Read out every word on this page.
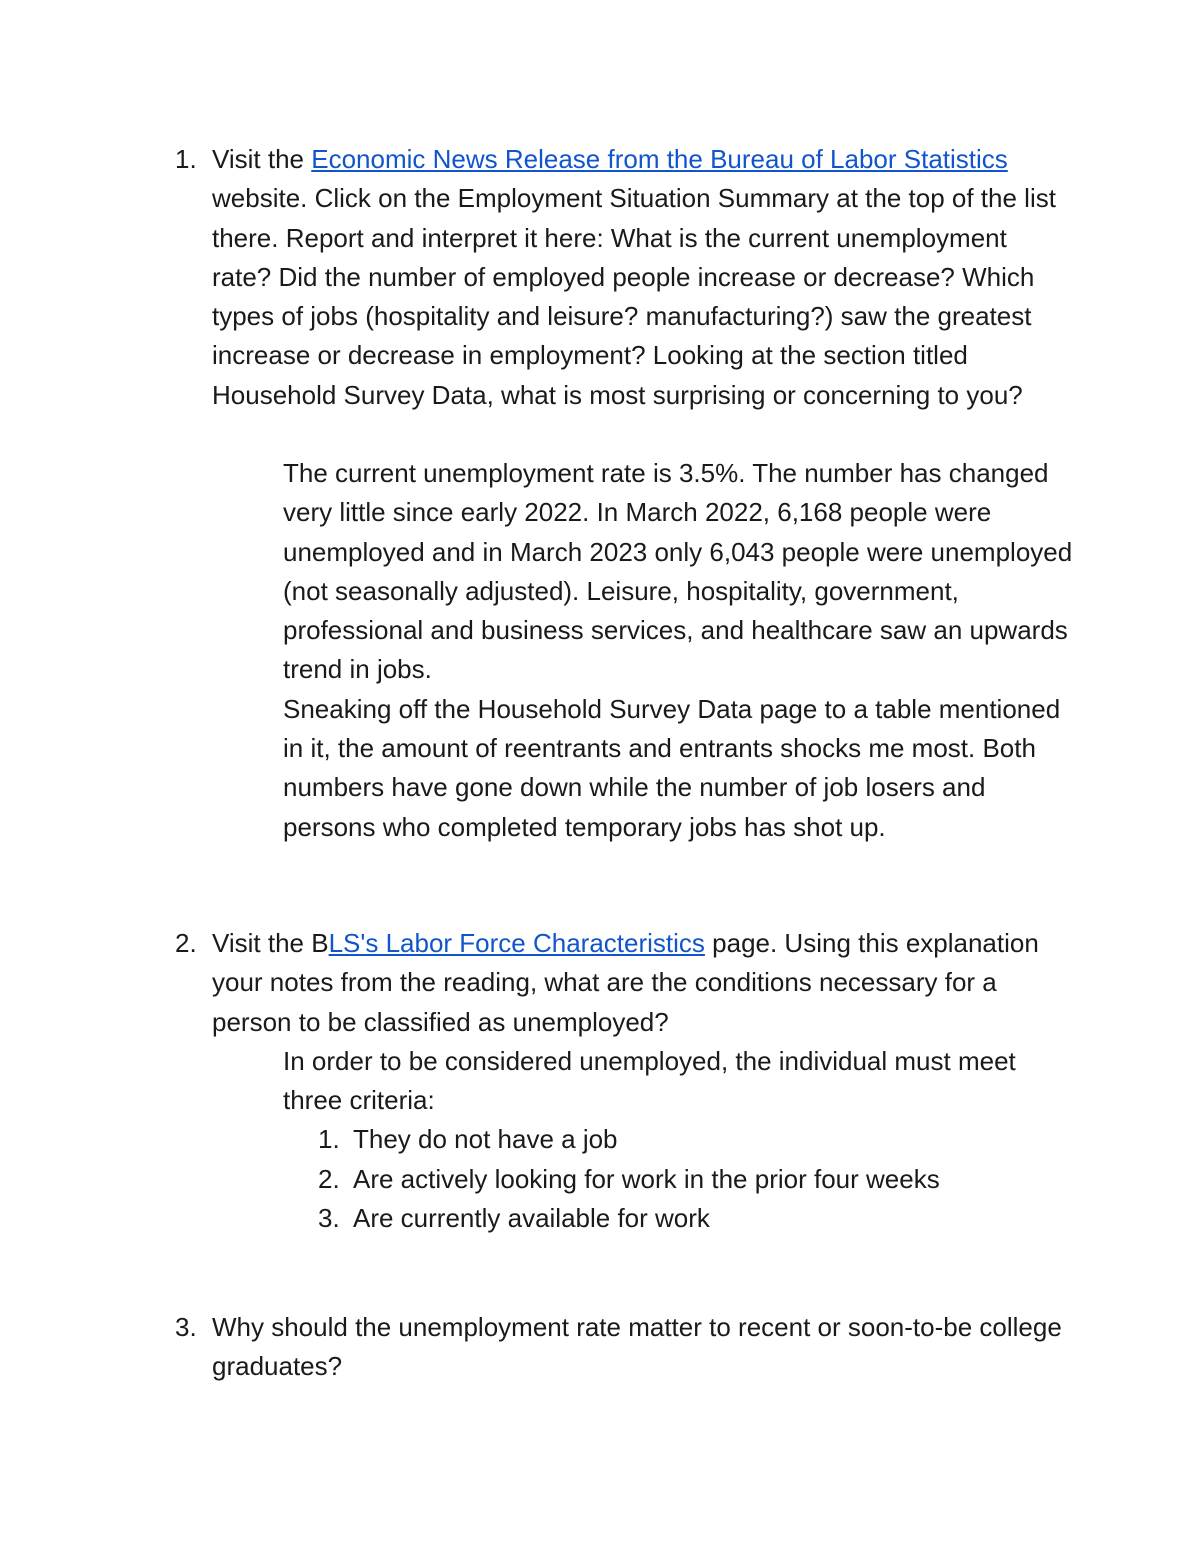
1. Visit the Economic News Release from the Bureau of Labor Statistics website. Click on the Employment Situation Summary at the top of the list there. Report and interpret it here: What is the current unemployment rate? Did the number of employed people increase or decrease? Which types of jobs (hospitality and leisure? manufacturing?) saw the greatest increase or decrease in employment? Looking at the section titled Household Survey Data, what is most surprising or concerning to you?
The current unemployment rate is 3.5%. The number has changed very little since early 2022. In March 2022, 6,168 people were unemployed and in March 2023 only 6,043 people were unemployed (not seasonally adjusted). Leisure, hospitality, government, professional and business services, and healthcare saw an upwards trend in jobs.
Sneaking off the Household Survey Data page to a table mentioned in it, the amount of reentrants and entrants shocks me most. Both numbers have gone down while the number of job losers and persons who completed temporary jobs has shot up.
2. Visit the BLS's Labor Force Characteristics page. Using this explanation your notes from the reading, what are the conditions necessary for a person to be classified as unemployed?
In order to be considered unemployed, the individual must meet three criteria:
1. They do not have a job
2. Are actively looking for work in the prior four weeks
3. Are currently available for work
3. Why should the unemployment rate matter to recent or soon-to-be college graduates?
